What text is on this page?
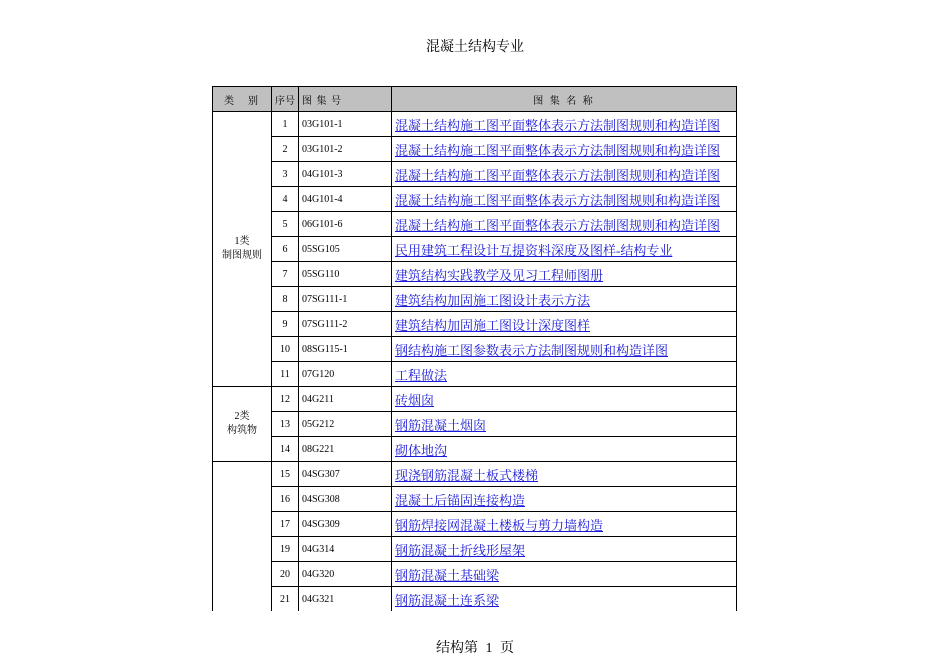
混凝土结构专业
类　别	序号	图 集 号	图 集 名 称

1类
制图规则	1	03G101-1	混凝土结构施工图平面整体表示方法制图规则和构造详图
	2	03G101-2	混凝土结构施工图平面整体表示方法制图规则和构造详图
	3	04G101-3	混凝土结构施工图平面整体表示方法制图规则和构造详图
	4	04G101-4	混凝土结构施工图平面整体表示方法制图规则和构造详图
	5	06G101-6	混凝土结构施工图平面整体表示方法制图规则和构造详图
	6	05SG105	民用建筑工程设计互提资料深度及图样-结构专业
	7	05SG110	建筑结构实践教学及见习工程师图册
	8	07SG111-1	建筑结构加固施工图设计表示方法
	9	07SG111-2	建筑结构加固施工图设计深度图样
	10	08SG115-1	钢结构施工图参数表示方法制图规则和构造详图
	11	07G120	工程做法

2类
构筑物	12	04G211	砖烟囱
	13	05G212	钢筋混凝土烟囱
	14	08G221	砌体地沟

	15	04SG307	现浇钢筋混凝土板式楼梯
	16	04SG308	混凝土后锚固连接构造
	17	04SG309	钢筋焊接网混凝土楼板与剪力墙构造
	19	04G314	钢筋混凝土折线形屋架
	20	04G320	钢筋混凝土基础梁
	21	04G321	钢筋混凝土连系梁
结构第 1 页
